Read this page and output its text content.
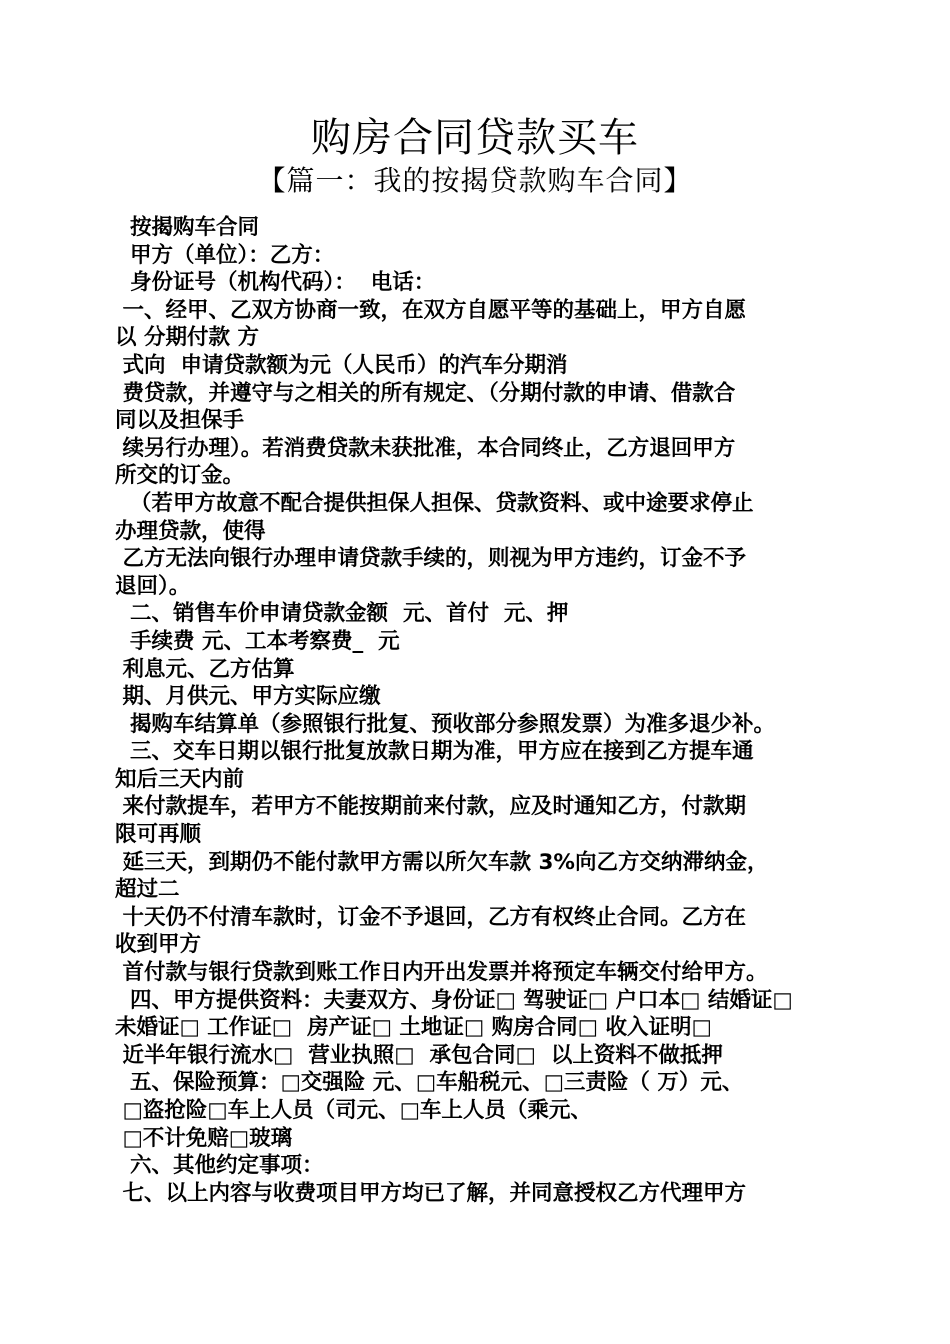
购房合同贷款买车
【篇一：我的按揭贷款购车合同】
按揭购车合同
甲方（单位）：乙方：
身份证号（机构代码）：  电话：
一、经甲、乙双方协商一致，在双方自愿平等的基础上，甲方自愿
以 分期付款 方
式向  申请贷款额为元（人民币）的汽车分期消
费贷款，并遵守与之相关的所有规定、（分期付款的申请、借款合
同以及担保手
续另行办理）。若消费贷款未获批准，本合同终止，乙方退回甲方
所交的订金。
（若甲方故意不配合提供担保人担保、贷款资料、或中途要求停止
办理贷款，使得
乙方无法向银行办理申请贷款手续的，则视为甲方违约，订金不予
退回）。
二、销售车价申请贷款金额  元、首付  元、押
手续费 元、工本考察费_  元
利息元、乙方估算
期、月供元、甲方实际应缴
揭购车结算单（参照银行批复、预收部分参照发票）为准多退少补。
三、交车日期以银行批复放款日期为准，甲方应在接到乙方提车通
知后三天内前
来付款提车，若甲方不能按期前来付款，应及时通知乙方，付款期
限可再顺
延三天，到期仍不能付款甲方需以所欠车款 3%向乙方交纳滞纳金，
超过二
十天仍不付清车款时，订金不予退回，乙方有权终止合同。乙方在
收到甲方
首付款与银行贷款到账工作日内开出发票并将预定车辆交付给甲方。
四、甲方提供资料：夫妻双方、身份证□ 驾驶证□ 户口本□ 结婚证□
未婚证□ 工作证□  房产证□ 土地证□ 购房合同□ 收入证明□
近半年银行流水□  营业执照□  承包合同□  以上资料不做抵押
五、保险预算：□交强险 元、□车船税元、□三责险（ 万）元、
□盗抢险□车上人员（司元、□车上人员（乘元、
□不计免赔□玻璃
六、其他约定事项：
七、以上内容与收费项目甲方均已了解，并同意授权乙方代理甲方
